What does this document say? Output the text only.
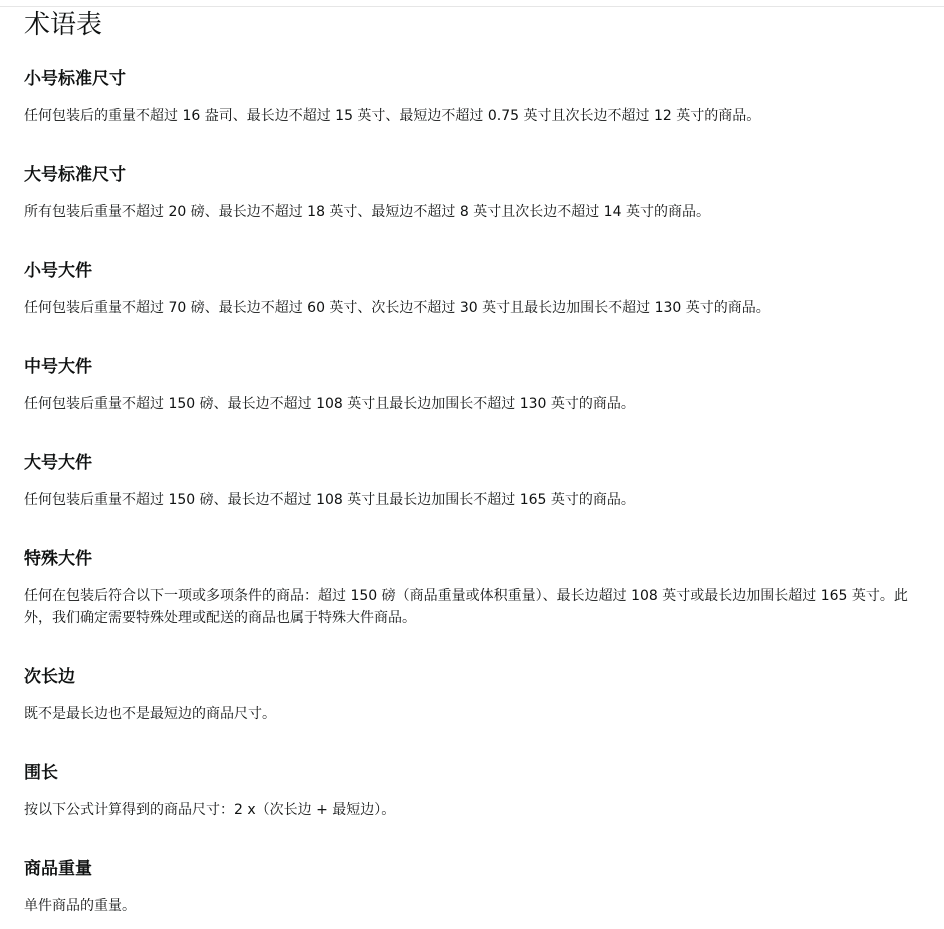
术语表
小号标准尺寸

任何包装后的重量不超过 16 盎司、最长边不超过 15 英寸、最短边不超过 0.75 英寸且次长边不超过 12 英寸的商品。

大号标准尺寸

所有包装后重量不超过 20 磅、最长边不超过 18 英寸、最短边不超过 8 英寸且次长边不超过 14 英寸的商品。

小号大件

任何包装后重量不超过 70 磅、最长边不超过 60 英寸、次长边不超过 30 英寸且最长边加围长不超过 130 英寸的商品。

中号大件

任何包装后重量不超过 150 磅、最长边不超过 108 英寸且最长边加围长不超过 130 英寸的商品。

大号大件

任何包装后重量不超过 150 磅、最长边不超过 108 英寸且最长边加围长不超过 165 英寸的商品。

特殊大件

任何在包装后符合以下一项或多项条件的商品：超过 150 磅（商品重量或体积重量）、最长边超过 108 英寸或最长边加围长超过 165 英寸。此外，我们确定需要特殊处理或配送的商品也属于特殊大件商品。

次长边

既不是最长边也不是最短边的商品尺寸。

围长

按以下公式计算得到的商品尺寸：2 x（次长边 + 最短边）。

商品重量

单件商品的重量。
